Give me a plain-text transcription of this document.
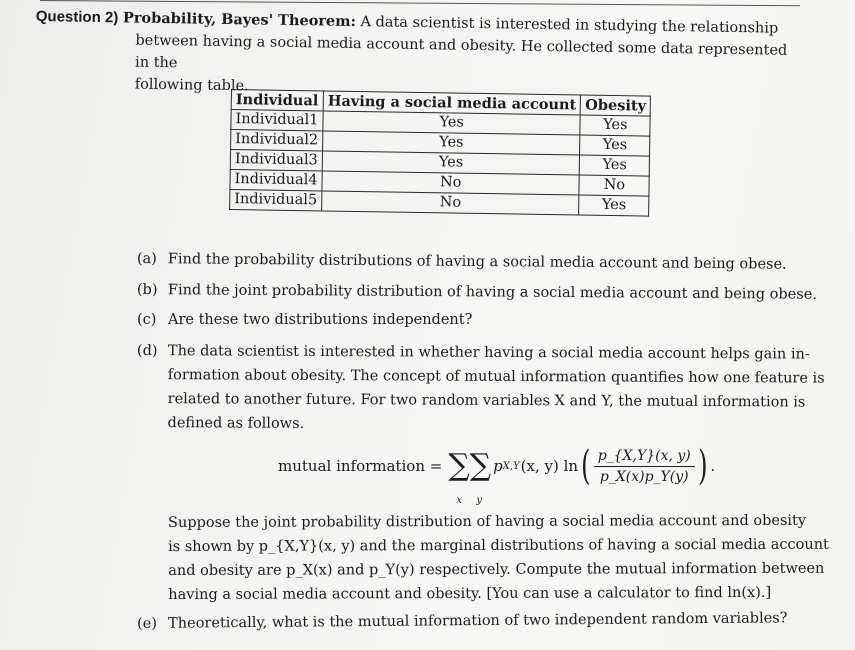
Question 2) Probability, Bayes' Theorem: A data scientist is interested in studying the relationship
between having a social media account and obesity. He collected some data represented in the
following table.
Individual	Having a social media account	Obesity
Individual1	Yes	Yes
Individual2	Yes	Yes
Individual3	Yes	Yes
Individual4	No	No
Individual5	No	Yes
(a) Find the probability distributions of having a social media account and being obese.
(b) Find the joint probability distribution of having a social media account and being obese.
(c) Are these two distributions independent?
(d) The data scientist is interested in whether having a social media account helps gain in-
formation about obesity. The concept of mutual information quantifies how one feature is
related to another future. For two random variables X and Y, the mutual information is
defined as follows.
mutual information = ∑∑
x y
p X,Y (x, y) ln ( $\frac{p\_\{X,Y\}(x, y)}{p\_X(x)p\_Y(y)}$ ) .
Suppose the joint probability distribution of having a social media account and obesity
is shown by p_{X,Y}(x, y) and the marginal distributions of having a social media account
and obesity are p_X(x) and p_Y(y) respectively. Compute the mutual information between
having a social media account and obesity. [You can use a calculator to find ln(x).]
(e) Theoretically, what is the mutual information of two independent random variables?
